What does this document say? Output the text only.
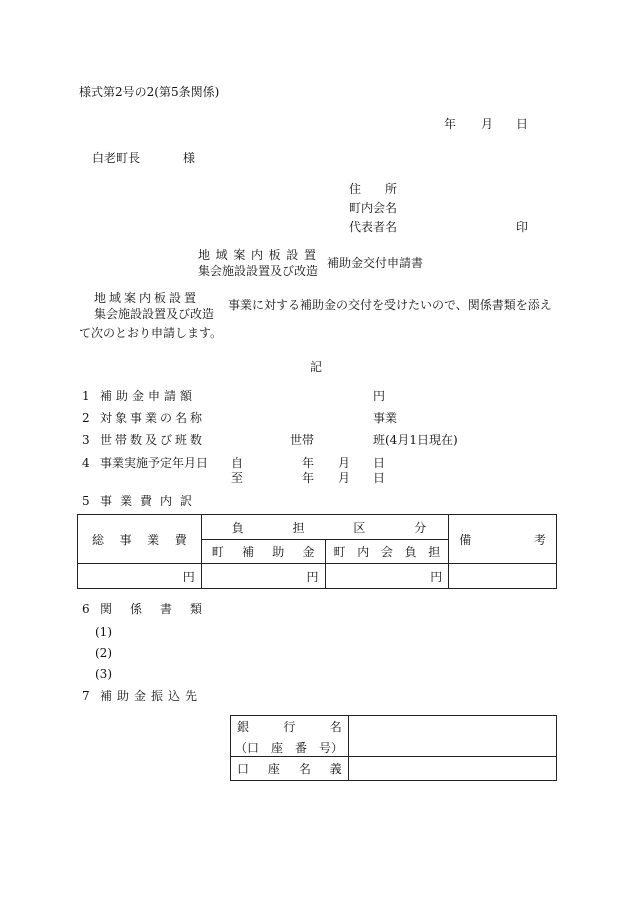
様式第2号の2(第5条関係)
年 月 日
白老町長	様
住　　所
町内会名
代表者名	印
地 域 案 内 板 設 置
集会施設設置及び改造
補助金交付申請書
地域案内板設置
集会施設設置及び改造
事業に対する補助金の交付を受けたいので、関係書類を添え
て次のとおり申請します。
記
1 補助金申請額	円
2 対象事業の名称	事業
3 世帯数及び班数	世帯	班(4月1日現在)
4 事業実施予定年月日 自	年 月 日
至	年 月 日
5 事業費内訳
総 事 業 費	負 担 区 分		備 考

	町 補 助 金	町 内 会 負 担	

円	円	円	

6 関係書類
(1)
(2)
(3)
7 補助金振込先
銀 行 名
（口　座　番　号）	

口 座 名 義	
